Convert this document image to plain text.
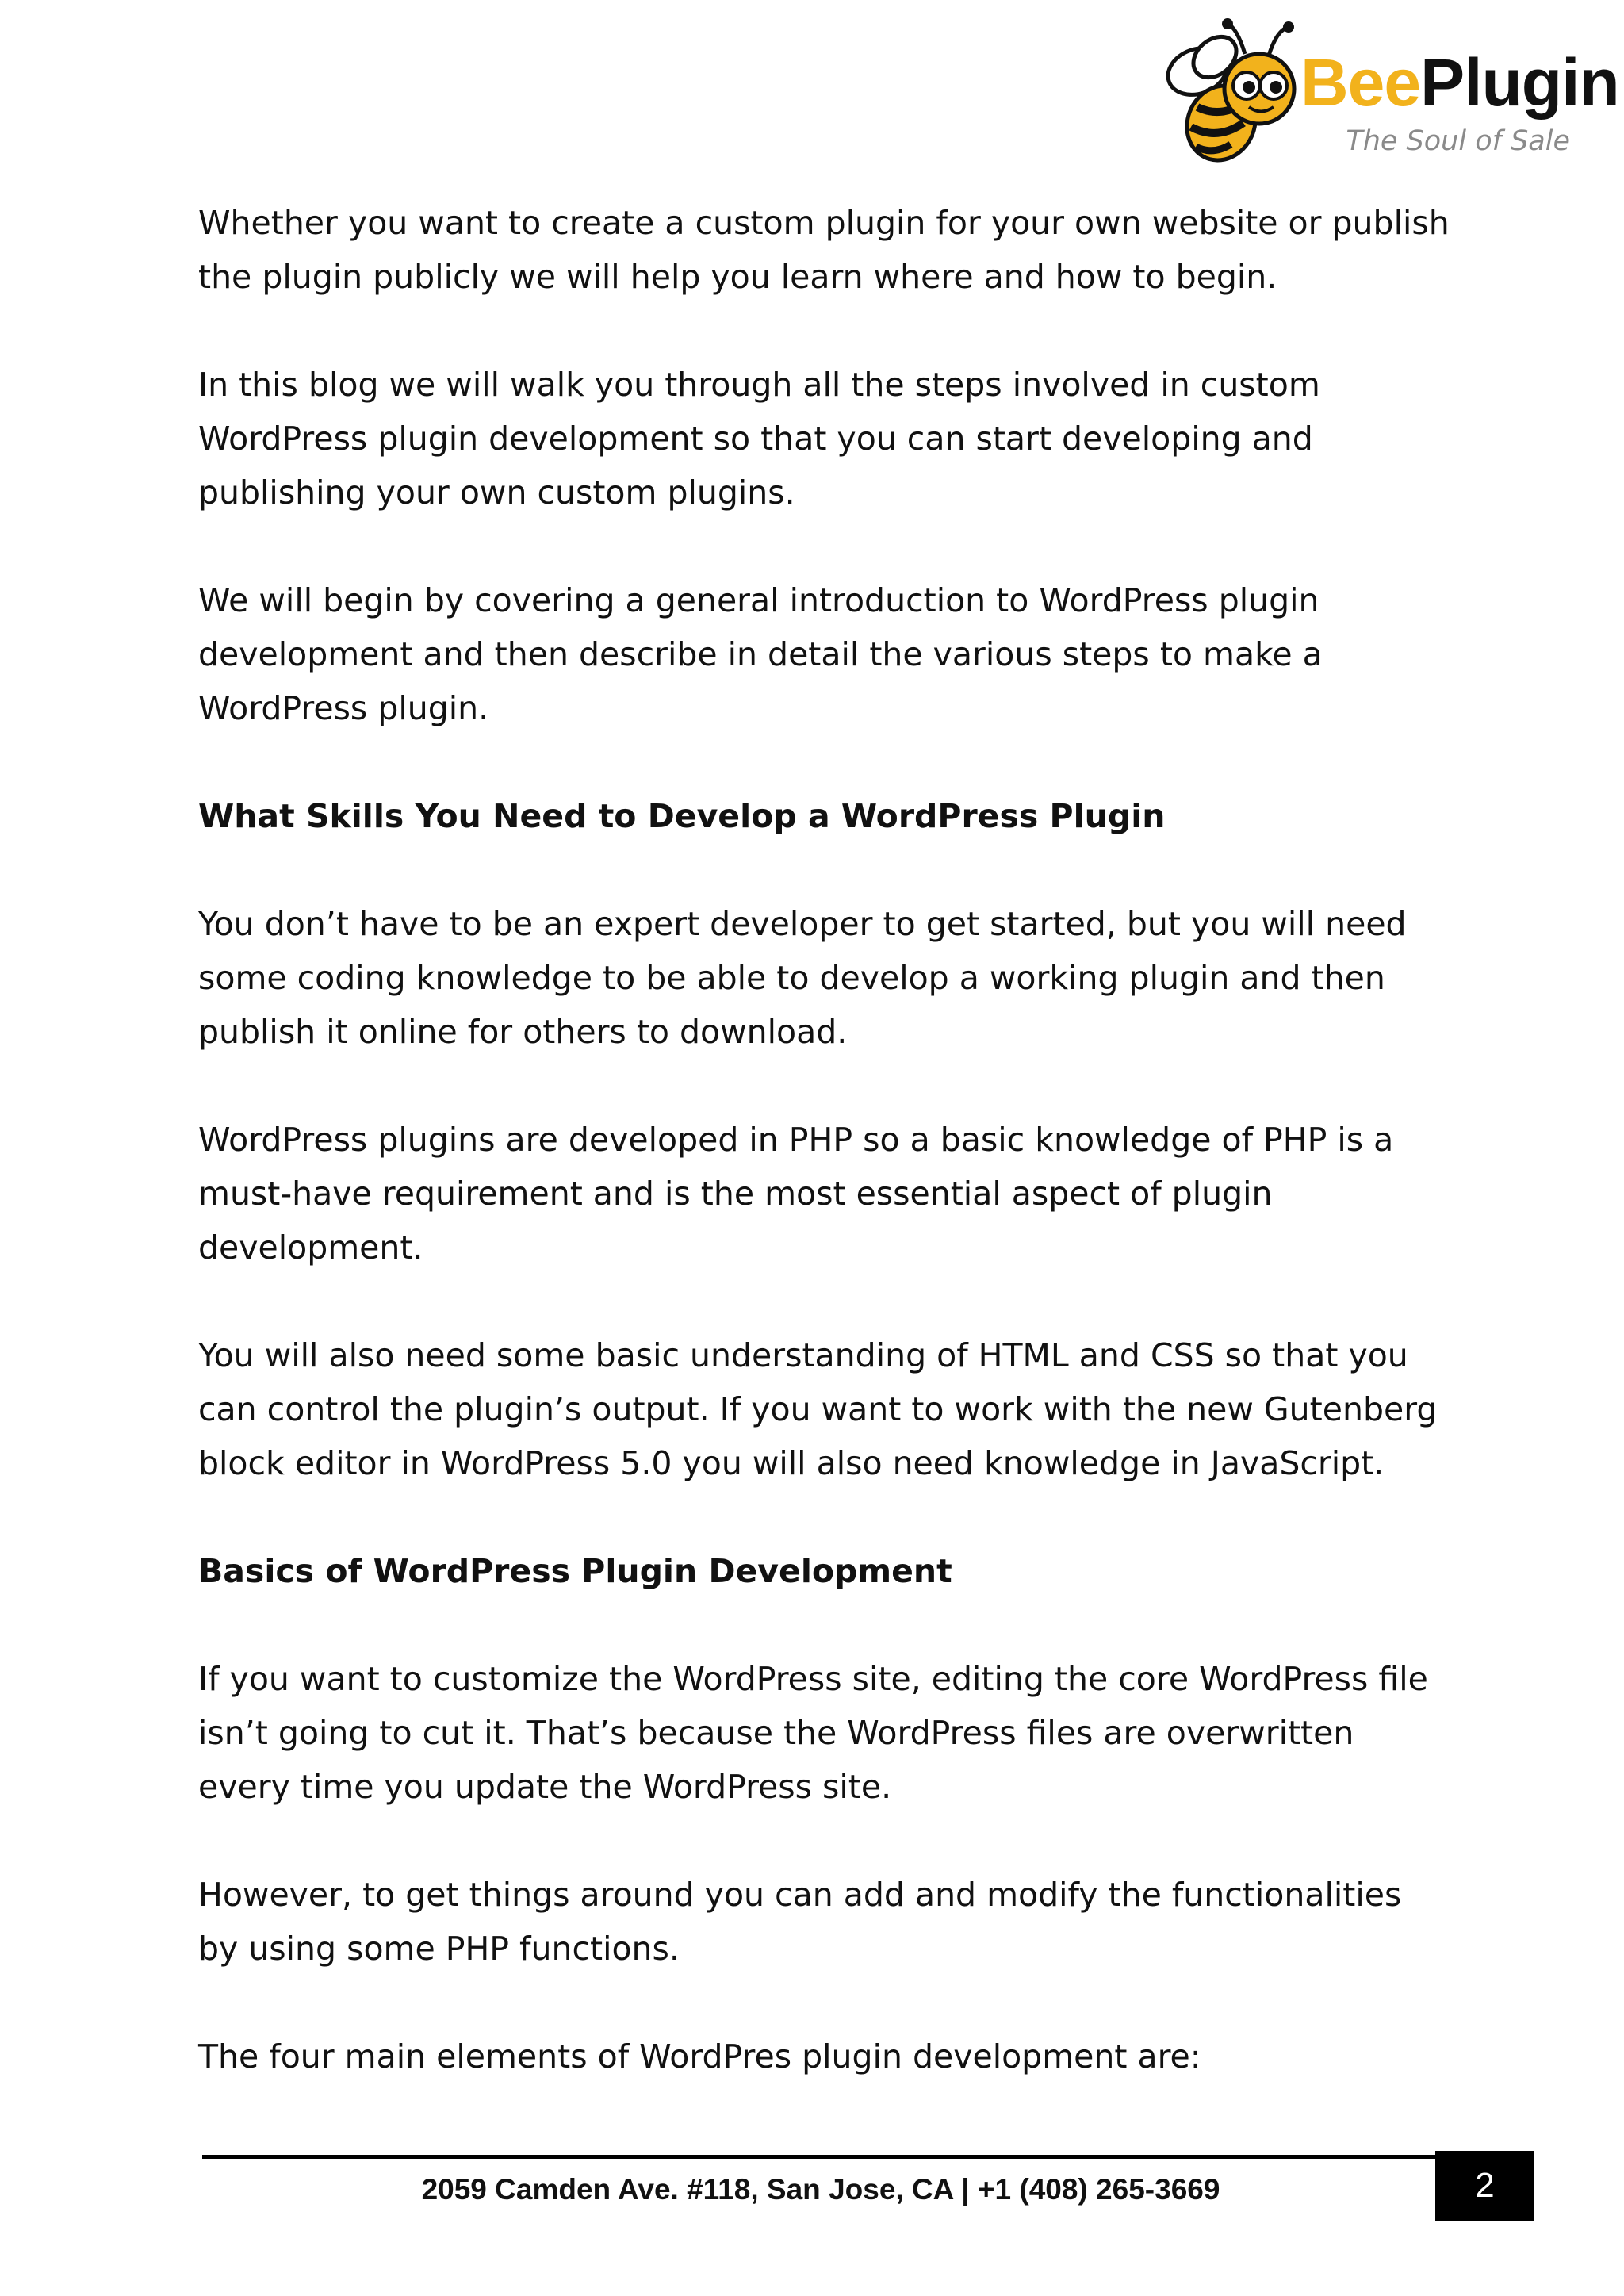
BeePlugin
The Soul of Sale

Whether you want to create a custom plugin for your own website or publish the plugin publicly we will help you learn where and how to begin.

In this blog we will walk you through all the steps involved in custom WordPress plugin development so that you can start developing and publishing your own custom plugins.

We will begin by covering a general introduction to WordPress plugin development and then describe in detail the various steps to make a WordPress plugin.

What Skills You Need to Develop a WordPress Plugin

You don’t have to be an expert developer to get started, but you will need some coding knowledge to be able to develop a working plugin and then publish it online for others to download.

WordPress plugins are developed in PHP so a basic knowledge of PHP is a must-have requirement and is the most essential aspect of plugin development.

You will also need some basic understanding of HTML and CSS so that you can control the plugin’s output. If you want to work with the new Gutenberg block editor in WordPress 5.0 you will also need knowledge in JavaScript.

Basics of WordPress Plugin Development

If you want to customize the WordPress site, editing the core WordPress file isn’t going to cut it. That’s because the WordPress files are overwritten every time you update the WordPress site.

However, to get things around you can add and modify the functionalities by using some PHP functions.

The four main elements of WordPres plugin development are:

2059 Camden Ave. #118, San Jose, CA | +1 (408) 265-3669	2
